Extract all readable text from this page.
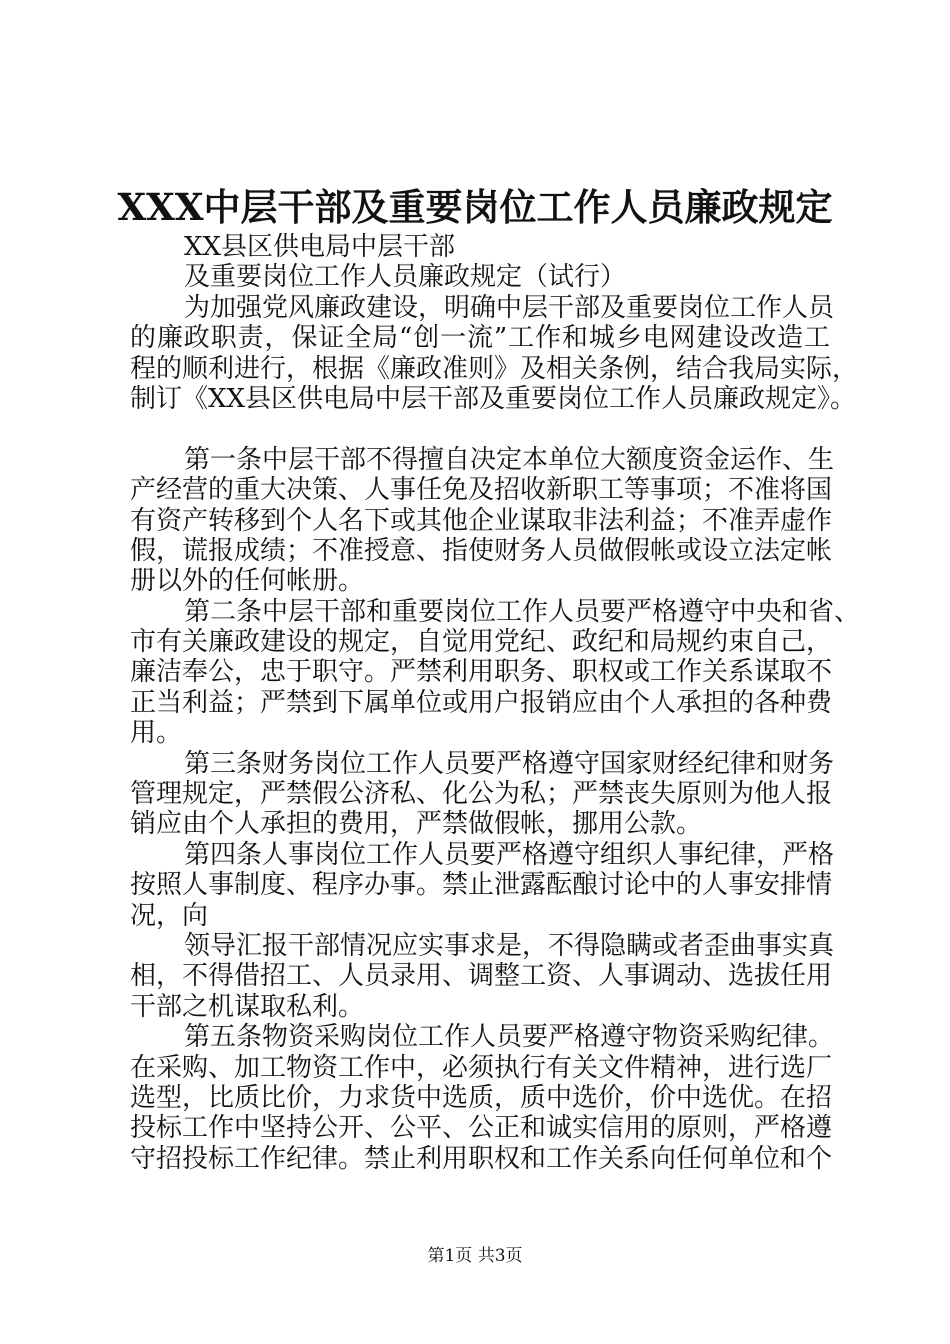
XXX中层干部及重要岗位工作人员廉政规定
XX县区供电局中层干部
及重要岗位工作人员廉政规定（试行）
为加强党风廉政建设，明确中层干部及重要岗位工作人员
的廉政职责，保证全局“创一流”工作和城乡电网建设改造工
程的顺利进行，根据《廉政准则》及相关条例，结合我局实际，
制订《XX县区供电局中层干部及重要岗位工作人员廉政规定》。
第一条中层干部不得擅自决定本单位大额度资金运作、生
产经营的重大决策、人事任免及招收新职工等事项；不准将国
有资产转移到个人名下或其他企业谋取非法利益；不准弄虚作
假，谎报成绩；不准授意、指使财务人员做假帐或设立法定帐
册以外的任何帐册。
第二条中层干部和重要岗位工作人员要严格遵守中央和省、
市有关廉政建设的规定，自觉用党纪、政纪和局规约束自己，
廉洁奉公，忠于职守。严禁利用职务、职权或工作关系谋取不
正当利益；严禁到下属单位或用户报销应由个人承担的各种费
用。
第三条财务岗位工作人员要严格遵守国家财经纪律和财务
管理规定，严禁假公济私、化公为私；严禁丧失原则为他人报
销应由个人承担的费用，严禁做假帐，挪用公款。
第四条人事岗位工作人员要严格遵守组织人事纪律，严格
按照人事制度、程序办事。禁止泄露酝酿讨论中的人事安排情
况，向
领导汇报干部情况应实事求是，不得隐瞒或者歪曲事实真
相，不得借招工、人员录用、调整工资、人事调动、选拔任用
干部之机谋取私利。
第五条物资采购岗位工作人员要严格遵守物资采购纪律。
在采购、加工物资工作中，必须执行有关文件精神，进行选厂
选型，比质比价，力求货中选质，质中选价，价中选优。在招
投标工作中坚持公开、公平、公正和诚实信用的原则，严格遵
守招投标工作纪律。禁止利用职权和工作关系向任何单位和个
第1页 共3页
